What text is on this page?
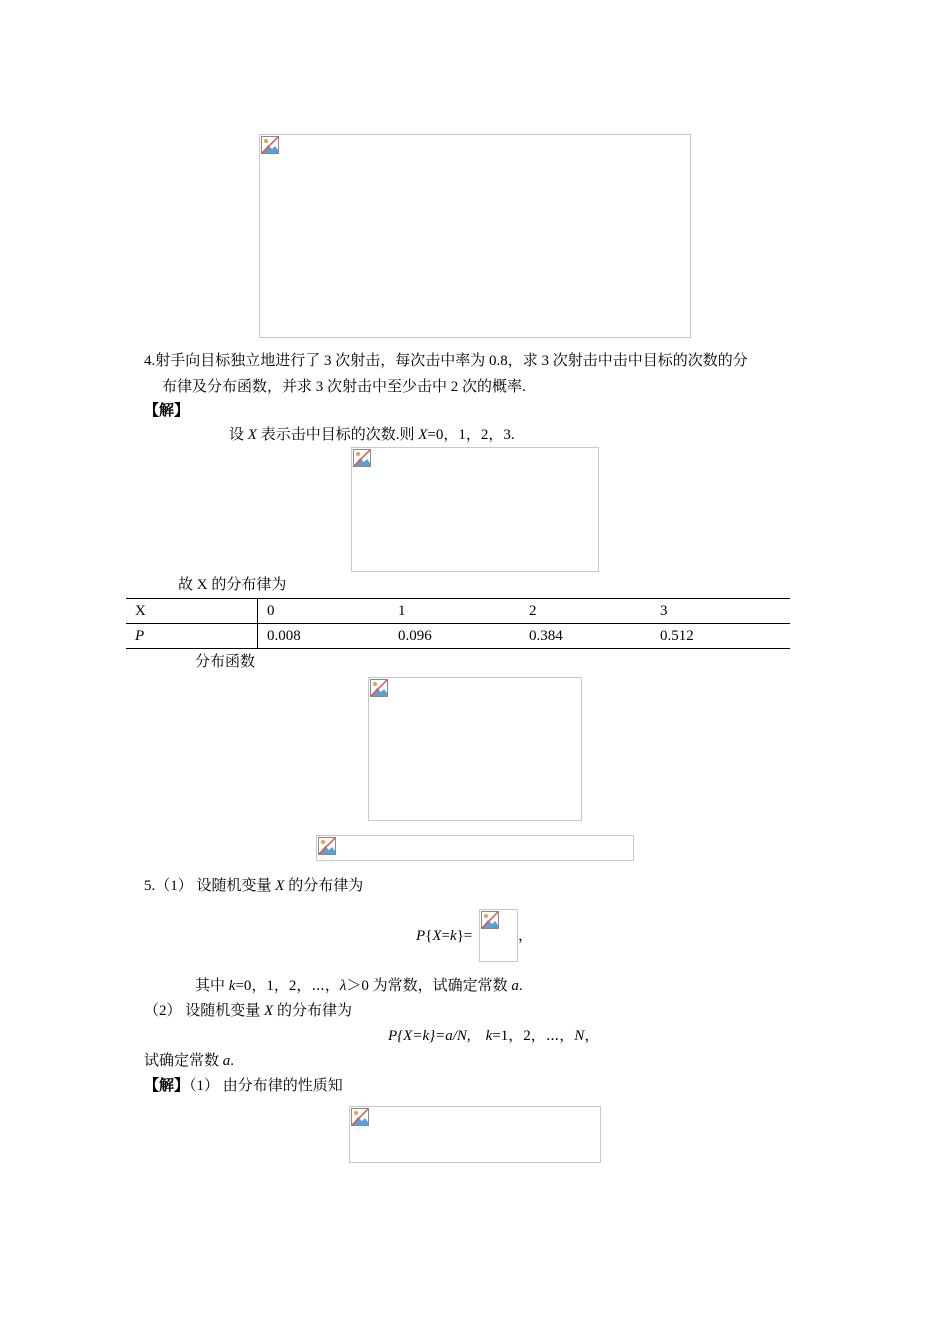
4.射手向目标独立地进行了 3 次射击，每次击中率为 0.8，求 3 次射击中击中目标的次数的分
布律及分布函数，并求 3 次射击中至少击中 2 次的概率.
【解】
设 X 表示击中目标的次数.则 X=0，1，2，3.
故 X 的分布律为
X	0	1	2	3
P	0.008	0.096	0.384	0.512
分布函数
5.（1） 设随机变量 X 的分布律为
P{X=k}=	，
其中 k=0，1，2，⋯，λ＞0 为常数，试确定常数 a.
（2） 设随机变量 X 的分布律为
P{X=k}=a/N, k=1，2，⋯，N，
试确定常数 a.
【解】（1） 由分布律的性质知
